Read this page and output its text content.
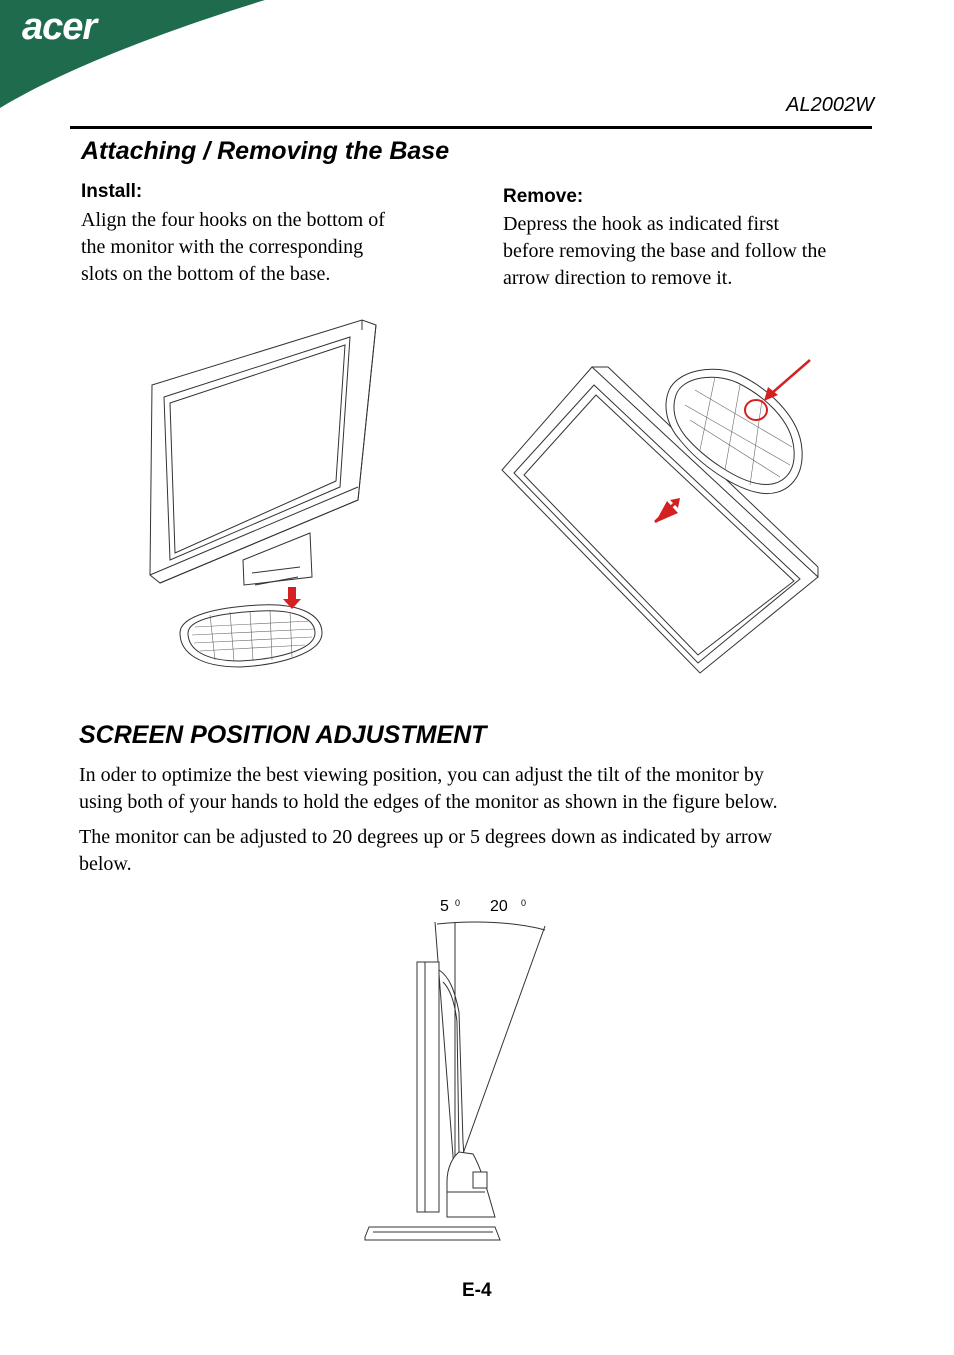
acer
AL2002W
Attaching / Removing the Base
Install:
Align the four hooks on the bottom of
the monitor with the corresponding
slots on the bottom of the base.
Remove:
Depress the hook as indicated first
before removing the base and follow the
arrow direction to remove it.
SCREEN POSITION ADJUSTMENT
In oder to optimize the best viewing position, you can adjust the tilt of the monitor by
using both of your hands to hold the edges of the monitor as shown in the figure below.
The monitor can be adjusted to 20 degrees up or 5 degrees down as indicated by arrow
below.
5 0 20 0
E-4
